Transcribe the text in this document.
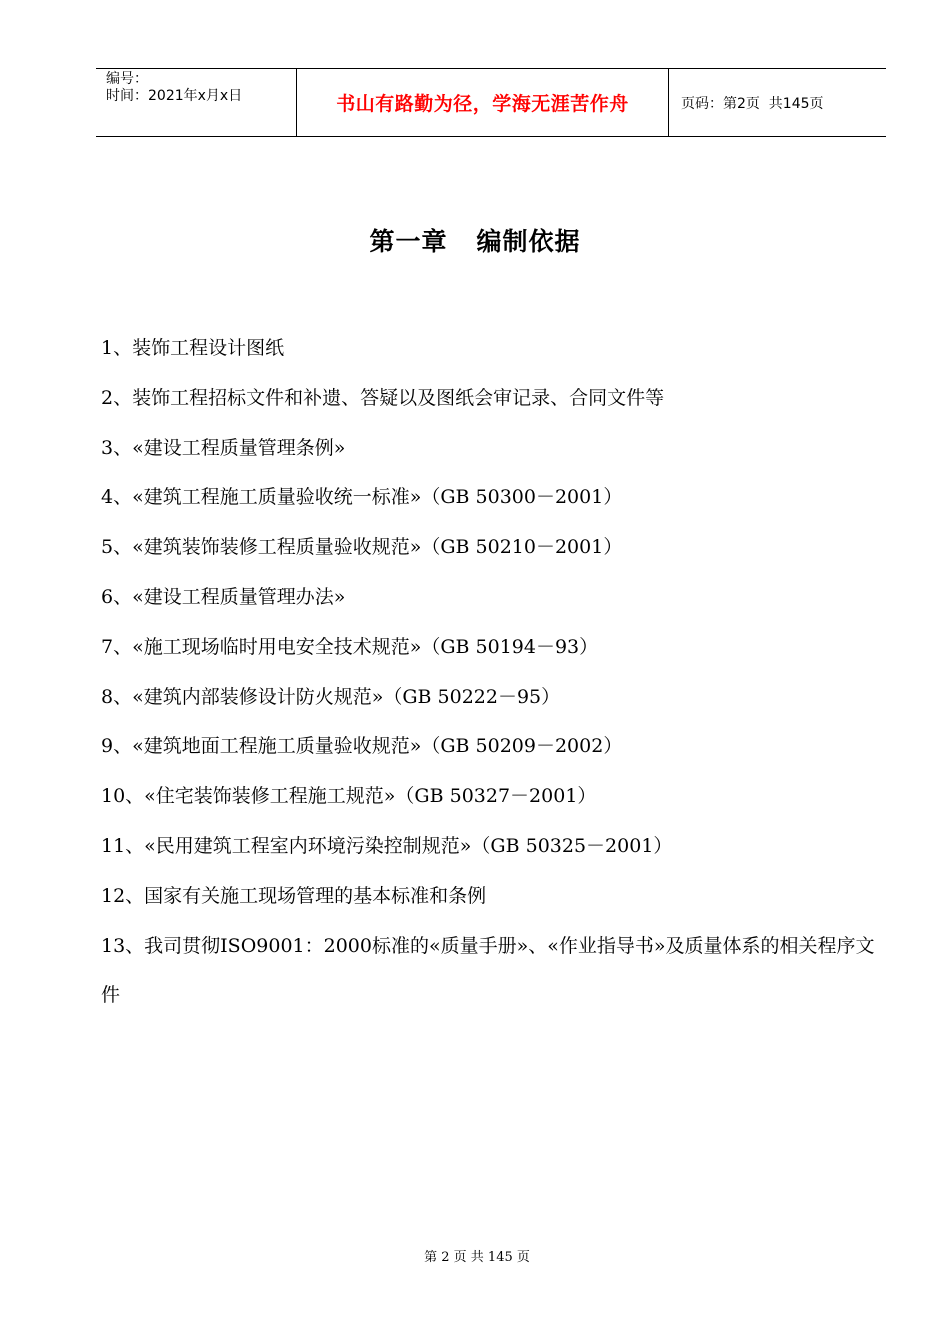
编号：
时间：2021年x月x日	书山有路勤为径，学海无涯苦作舟	页码：第2页  共145页
第一章   编制依据
1、装饰工程设计图纸
2、装饰工程招标文件和补遗、答疑以及图纸会审记录、合同文件等
3、«建设工程质量管理条例»
4、«建筑工程施工质量验收统一标准»（GB 50300－2001）
5、«建筑装饰装修工程质量验收规范»（GB 50210－2001）
6、«建设工程质量管理办法»
7、«施工现场临时用电安全技术规范»（GB 50194－93）
8、«建筑内部装修设计防火规范»（GB 50222－95）
9、«建筑地面工程施工质量验收规范»（GB 50209－2002）
10、«住宅装饰装修工程施工规范»（GB 50327－2001）
11、«民用建筑工程室内环境污染控制规范»（GB 50325－2001）
12、国家有关施工现场管理的基本标准和条例
13、我司贯彻ISO9001：2000标准的«质量手册»、«作业指导书»及质量体系的相关程序文件
第 2 页 共 145 页
